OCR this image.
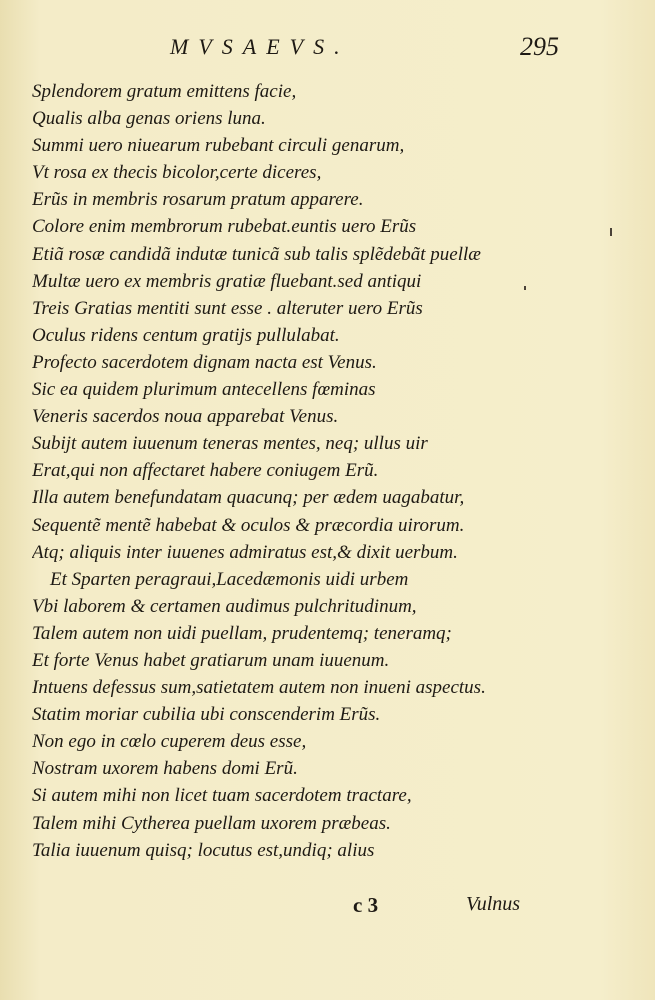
MVSAEVS.	295
Splendorem gratum emittens facie,
Qualis alba genas oriens luna.
Summi uero niuearum rubebant circuli genarum,
Vt rosa ex thecis bicolor,certe diceres,
Erũs in membris rosarum pratum apparere.
Colore enim membrorum rubebat.euntis uero Erũs
Etiã rosæ candidã indutæ tunicã sub talis splẽdebãt puellæ
Multæ uero ex membris gratiæ fluebant.sed antiqui
Treis Gratias mentiti sunt esse . alteruter uero Erũs
Oculus ridens centum gratijs pullulabat.
Profecto sacerdotem dignam nacta est Venus.
Sic ea quidem plurimum antecellens fœminas
Veneris sacerdos noua apparebat Venus.
Subijt autem iuuenum teneras mentes, neq; ullus uir
Erat,qui non affectaret habere coniugem Erũ.
Illa autem benefundatam quacunq; per ædem uagabatur,
Sequentẽ mentẽ habebat & oculos & præcordia uirorum.
Atq; aliquis inter iuuenes admiratus est,& dixit uerbum.
Et Sparten peragraui,Lacedæmonis uidi urbem
Vbi laborem & certamen audimus pulchritudinum,
Talem autem non uidi puellam, prudentemq; teneramq;
Et forte Venus habet gratiarum unam iuuenum.
Intuens defessus sum,satietatem autem non inueni aspectus.
Statim moriar cubilia ubi conscenderim Erũs.
Non ego in cœlo cuperem deus esse,
Nostram uxorem habens domi Erũ.
Si autem mihi non licet tuam sacerdotem tractare,
Talem mihi Cytherea puellam uxorem præbeas.
Talia iuuenum quisq; locutus est,undiq; alius
c 3	Vulnus
